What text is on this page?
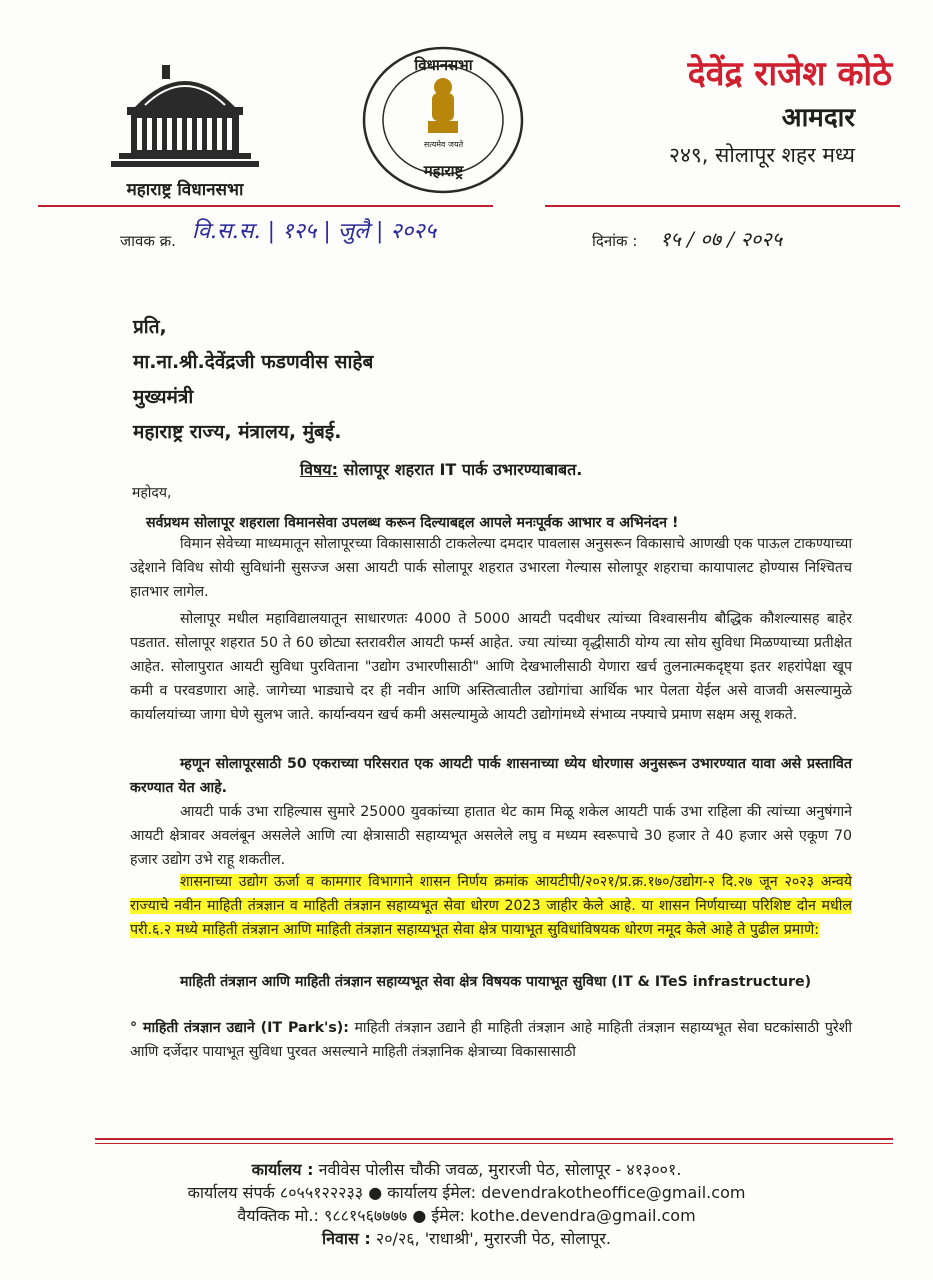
महाराष्ट्र विधानसभा
विधानसभा
सत्यमेव जयते
महाराष्ट्र
देवेंद्र राजेश कोठे
आमदार
२४९, सोलापूर शहर मध्य
जावक क्र. वि.स.स. | १२५ | जुलै | २०२५	दिनांक : १५ / ०७ / २०२५
प्रति,
मा.ना.श्री.देवेंद्रजी फडणवीस साहेब
मुख्यमंत्री
महाराष्ट्र राज्य, मंत्रालय, मुंबई.
विषय: सोलापूर शहरात IT पार्क उभारण्याबाबत.
महोदय,
सर्वप्रथम सोलापूर शहराला विमानसेवा उपलब्ध करून दिल्याबद्दल आपले मनःपूर्वक आभार व अभिनंदन !
विमान सेवेच्या माध्यमातून सोलापूरच्या विकासासाठी टाकलेल्या दमदार पावलास अनुसरून विकासाचे आणखी एक पाऊल टाकण्याच्या उद्देशाने विविध सोयी सुविधांनी सुसज्ज असा आयटी पार्क सोलापूर शहरात उभारला गेल्यास सोलापूर शहराचा कायापालट होण्यास निश्चितच हातभार लागेल.
सोलापूर मधील महाविद्यालयातून साधारणतः 4000 ते 5000 आयटी पदवीधर त्यांच्या विश्वासनीय बौद्धिक कौशल्यासह बाहेर पडतात. सोलापूर शहरात 50 ते 60 छोट्या स्तरावरील आयटी फर्म्स आहेत. ज्या त्यांच्या वृद्धीसाठी योग्य त्या सोय सुविधा मिळण्याच्या प्रतीक्षेत आहेत. सोलापुरात आयटी सुविधा पुरविताना "उद्योग उभारणीसाठी" आणि देखभालीसाठी येणारा खर्च तुलनात्मकदृष्ट्या इतर शहरांपेक्षा खूप कमी व परवडणारा आहे. जागेच्या भाड्याचे दर ही नवीन आणि अस्तित्वातील उद्योगांचा आर्थिक भार पेलता येईल असे वाजवी असल्यामुळे कार्यालयांच्या जागा घेणे सुलभ जाते. कार्यान्वयन खर्च कमी असल्यामुळे आयटी उद्योगांमध्ये संभाव्य नफ्याचे प्रमाण सक्षम असू शकते.
म्हणून सोलापूरसाठी 50 एकराच्या परिसरात एक आयटी पार्क शासनाच्या ध्येय धोरणास अनुसरून उभारण्यात यावा असे प्रस्तावित करण्यात येत आहे.
आयटी पार्क उभा राहिल्यास सुमारे 25000 युवकांच्या हातात थेट काम मिळू शकेल आयटी पार्क उभा राहिला की त्यांच्या अनुषंगाने आयटी क्षेत्रावर अवलंबून असलेले आणि त्या क्षेत्रासाठी सहाय्यभूत असलेले लघु व मध्यम स्वरूपाचे 30 हजार ते 40 हजार असे एकूण 70 हजार उद्योग उभे राहू शकतील.
शासनाच्या उद्योग ऊर्जा व कामगार विभागाने शासन निर्णय क्रमांक आयटीपी/२०२१/प्र.क्र.१७०/उद्योग-२ दि.२७ जून २०२३ अन्वये राज्याचे नवीन माहिती तंत्रज्ञान व माहिती तंत्रज्ञान सहाय्यभूत सेवा धोरण 2023 जाहीर केले आहे. या शासन निर्णयाच्या परिशिष्ट दोन मधील परी.६.२ मध्ये माहिती तंत्रज्ञान आणि माहिती तंत्रज्ञान सहाय्यभूत सेवा क्षेत्र पायाभूत सुविधांविषयक धोरण नमूद केले आहे ते पुढील प्रमाणे:
माहिती तंत्रज्ञान आणि माहिती तंत्रज्ञान सहाय्यभूत सेवा क्षेत्र विषयक पायाभूत सुविधा (IT & ITeS infrastructure)
° माहिती तंत्रज्ञान उद्याने (IT Park's): माहिती तंत्रज्ञान उद्याने ही माहिती तंत्रज्ञान आहे माहिती तंत्रज्ञान सहाय्यभूत सेवा घटकांसाठी पुरेशी आणि दर्जेदार पायाभूत सुविधा पुरवत असल्याने माहिती तंत्रज्ञानिक क्षेत्राच्या विकासासाठी
कार्यालय : नवीवेस पोलीस चौकी जवळ, मुरारजी पेठ, सोलापूर - ४१३००१.
कार्यालय संपर्क ८०५५१२२२३३ ● कार्यालय ईमेल: devendrakotheoffice@gmail.com
वैयक्तिक मो.: ९८८१५६७७७७ ● ईमेल: kothe.devendra@gmail.com
निवास : २०/२६, 'राधाश्री', मुरारजी पेठ, सोलापूर.
